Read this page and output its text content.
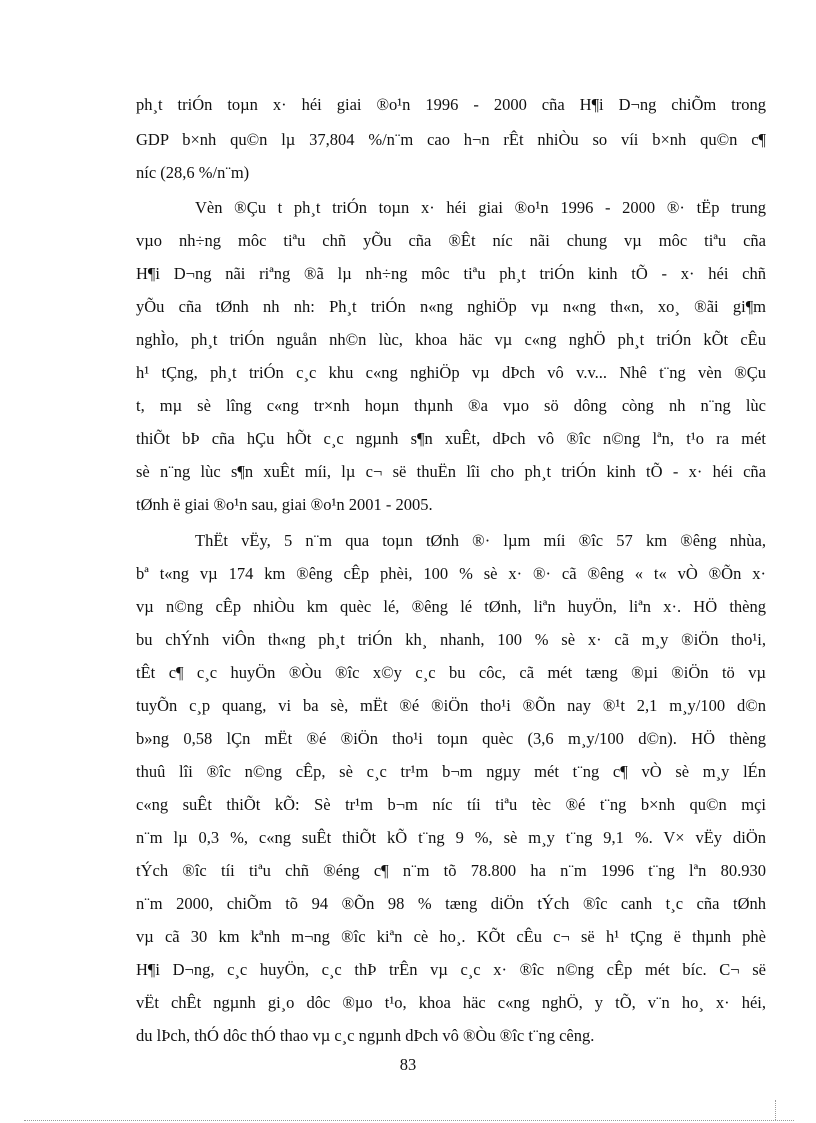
ph¸t triÓn toµn x· héi giai ®o¹n 1996 - 2000 cña H¶i D¬ng chiÕm trong
GDP b×nh qu©n lµ 37,804 %/n¨m cao h¬n rÊt nhiÒu so víi b×nh qu©n c¶
níc (28,6 %/n¨m)
Vèn ®Çu t ph¸t triÓn toµn x· héi giai ®o¹n 1996 - 2000 ®· tËp trung
vµo nh÷ng môc tiªu chñ yÕu cña ®Êt níc nãi chung vµ môc tiªu cña
H¶i D¬ng nãi riªng ®ã lµ nh÷ng môc tiªu ph¸t triÓn kinh tÕ - x· héi chñ
yÕu cña tØnh nh nh: Ph¸t triÓn n«ng nghiÖp vµ n«ng th«n, xo¸ ®ãi gi¶m
nghÌo, ph¸t triÓn nguån nh©n lùc, khoa häc vµ c«ng nghÖ ph¸t triÓn kÕt cÊu
h¹ tÇng, ph¸t triÓn c¸c khu c«ng nghiÖp vµ dÞch vô v.v... Nhê t¨ng vèn ®Çu
t, mµ sè lîng c«ng tr×nh hoµn thµnh ®a vµo sö dông còng nh n¨ng lùc
thiÕt bÞ cña hÇu hÕt c¸c ngµnh s¶n xuÊt, dÞch vô ®îc n©ng lªn, t¹o ra mét
sè n¨ng lùc s¶n xuÊt míi, lµ c¬ së thuËn lîi cho ph¸t triÓn kinh tÕ - x· héi cña
tØnh ë giai ®o¹n sau, giai ®o¹n 2001 - 2005.
ThËt vËy, 5 n¨m qua toµn tØnh ®· lµm míi ®îc 57 km ®êng nhùa,
bª t«ng vµ 174 km ®êng cÊp phèi, 100 % sè x· ®· cã ®êng « t« vÒ ®Õn x·
vµ n©ng cÊp nhiÒu km quèc lé, ®êng lé tØnh, liªn huyÖn, liªn x·. HÖ thèng
bu chÝnh viÔn th«ng ph¸t triÓn kh¸ nhanh, 100 % sè x· cã m¸y ®iÖn tho¹i,
tÊt c¶ c¸c huyÖn ®Òu ®îc x©y c¸c bu côc, cã mét tæng ®µi ®iÖn tö vµ
tuyÕn c¸p quang, vi ba sè, mËt ®é ®iÖn tho¹i ®Õn nay ®¹t 2,1 m¸y/100 d©n
b»ng 0,58 lÇn mËt ®é ®iÖn tho¹i toµn quèc (3,6 m¸y/100 d©n). HÖ thèng
thuû lîi ®îc n©ng cÊp, sè c¸c tr¹m b¬m ngµy mét t¨ng c¶ vÒ sè m¸y lÉn
c«ng suÊt thiÕt kÕ: Sè tr¹m b¬m níc tíi tiªu tèc ®é t¨ng b×nh qu©n mçi
n¨m lµ 0,3 %, c«ng suÊt thiÕt kÕ t¨ng 9 %, sè m¸y t¨ng 9,1 %. V× vËy diÖn
tÝch ®îc tíi tiªu chñ ®éng c¶ n¨m tõ 78.800 ha n¨m 1996 t¨ng lªn 80.930
n¨m 2000, chiÕm tõ 94 ®Õn 98 % tæng diÖn tÝch ®îc canh t¸c cña tØnh
vµ cã 30 km kªnh m¬ng ®îc kiªn cè ho¸. KÕt cÊu c¬ së h¹ tÇng ë thµnh phè
H¶i D¬ng, c¸c huyÖn, c¸c thÞ trÊn vµ c¸c x· ®îc n©ng cÊp mét bíc. C¬ së
vËt chÊt ngµnh gi¸o dôc ®µo t¹o, khoa häc c«ng nghÖ, y tÕ, v¨n ho¸ x· héi,
du lÞch, thÓ dôc thÓ thao vµ c¸c ngµnh dÞch vô ®Òu ®îc t¨ng cêng.
83
